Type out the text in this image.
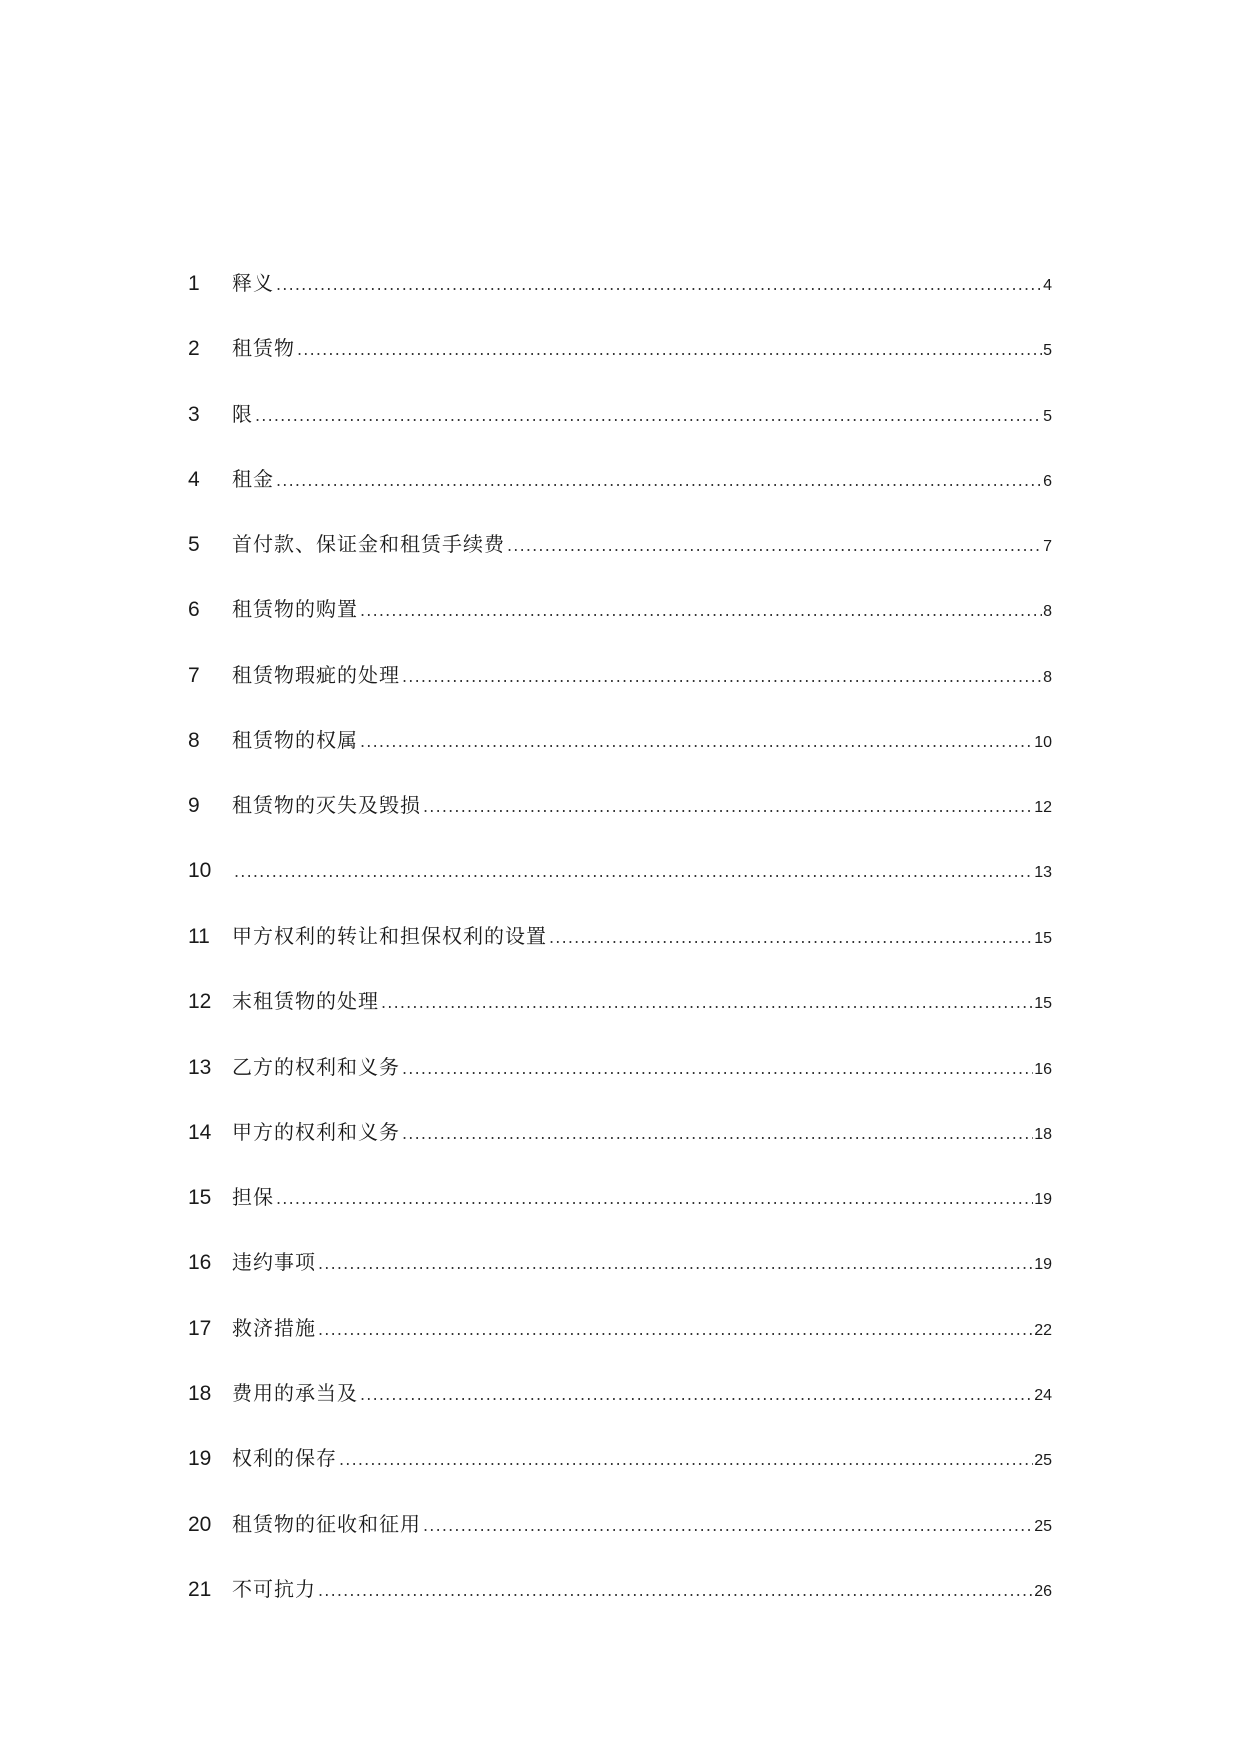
1	释义 .....	4
2	租赁物 .....	5
3	限 .....	5
4	租金 .....	6
5	首付款、保证金和租赁手续费 .....	7
6	租赁物的购置 .....	8
7	租赁物瑕疵的处理 .....	8
8	租赁物的权属 .....	10
9	租赁物的灭失及毁损 .....	12
10 .....	13
11	甲方权利的转让和担保权利的设置 .....	15
12	末租赁物的处理 .....	15
13	乙方的权利和义务 .....	16
14	甲方的权利和义务 .....	18
15	担保 .....	19
16	违约事项 .....	19
17	救济措施 .....	22
18	费用的承当及 .....	24
19	权利的保存 .....	25
20	租赁物的征收和征用 .....	25
21	不可抗力 .....	26
